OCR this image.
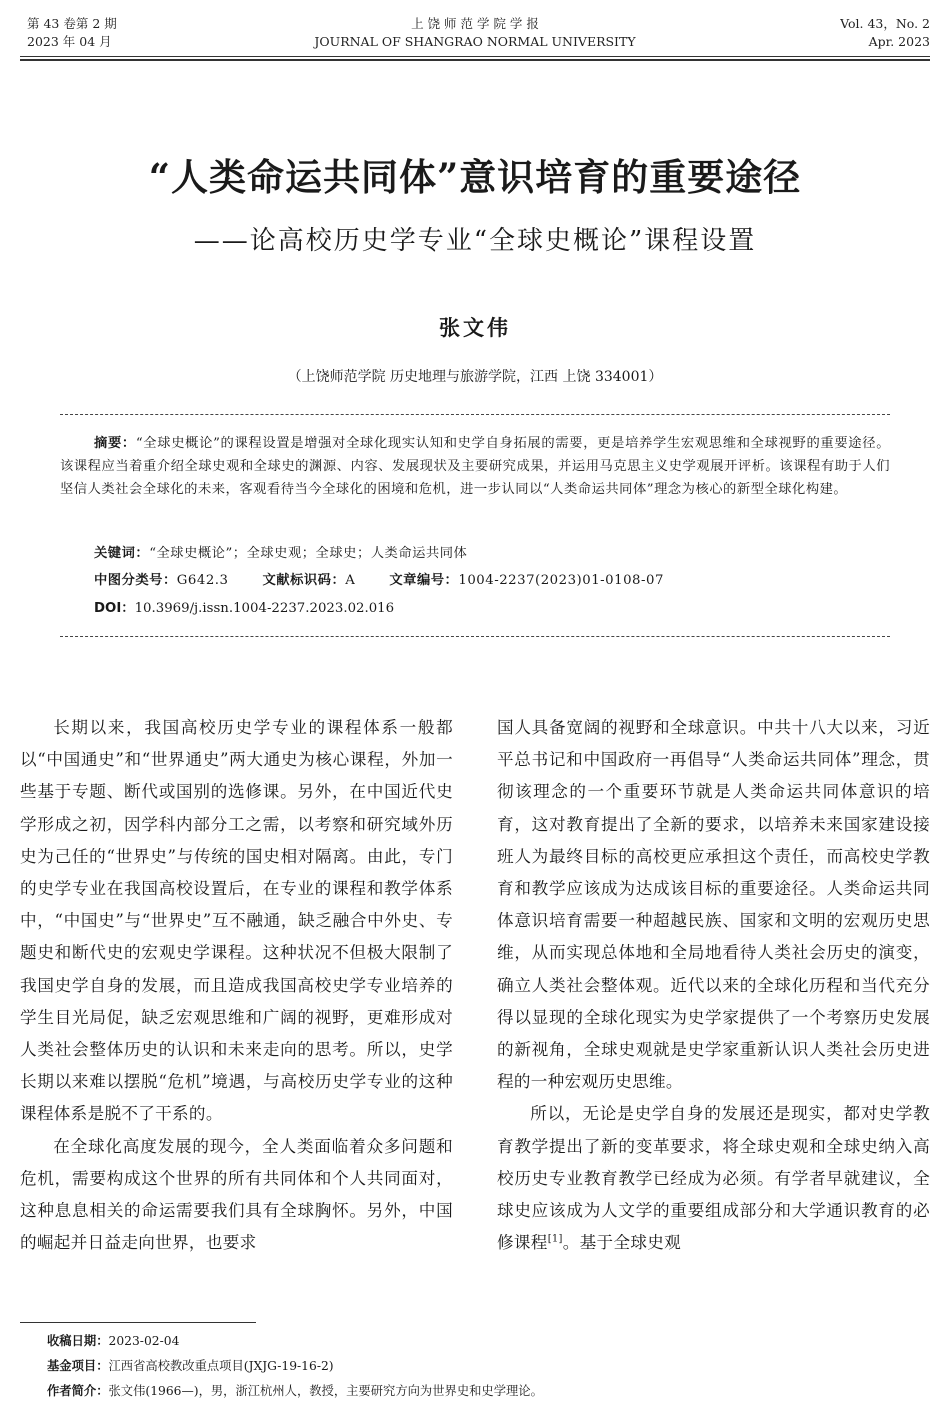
第 43 卷第 2 期
2023 年 04 月
上 饶 师 范 学 院 学 报
JOURNAL OF SHANGRAO NORMAL UNIVERSITY
Vol. 43，No. 2
Apr. 2023
“人类命运共同体”意识培育的重要途径
——论高校历史学专业“全球史概论”课程设置
张文伟
（上饶师范学院 历史地理与旅游学院，江西 上饶 334001）
摘要：“全球史概论”的课程设置是增强对全球化现实认知和史学自身拓展的需要，更是培养学生宏观思维和全球视野的重要途径。该课程应当着重介绍全球史观和全球史的渊源、内容、发展现状及主要研究成果，并运用马克思主义史学观展开评析。该课程有助于人们坚信人类社会全球化的未来，客观看待当今全球化的困境和危机，进一步认同以“人类命运共同体”理念为核心的新型全球化构建。
关键词：“全球史概论”；全球史观；全球史；人类命运共同体
中图分类号：G642.3	文献标识码：A	文章编号：1004-2237(2023)01-0108-07
DOI：10.3969/j.issn.1004-2237.2023.02.016

长期以来，我国高校历史学专业的课程体系一般都以“中国通史”和“世界通史”两大通史为核心课程，外加一些基于专题、断代或国别的选修课。另外，在中国近代史学形成之初，因学科内部分工之需，以考察和研究域外历史为己任的“世界史”与传统的国史相对隔离。由此，专门的史学专业在我国高校设置后，在专业的课程和教学体系中，“中国史”与“世界史”互不融通，缺乏融合中外史、专题史和断代史的宏观史学课程。这种状况不但极大限制了我国史学自身的发展，而且造成我国高校史学专业培养的学生目光局促，缺乏宏观思维和广阔的视野，更难形成对人类社会整体历史的认识和未来走向的思考。所以，史学长期以来难以摆脱“危机”境遇，与高校历史学专业的这种课程体系是脱不了干系的。

在全球化高度发展的现今，全人类面临着众多问题和危机，需要构成这个世界的所有共同体和个人共同面对，这种息息相关的命运需要我们具有全球胸怀。另外，中国的崛起并日益走向世界，也要求

国人具备宽阔的视野和全球意识。中共十八大以来，习近平总书记和中国政府一再倡导“人类命运共同体”理念，贯彻该理念的一个重要环节就是人类命运共同体意识的培育，这对教育提出了全新的要求，以培养未来国家建设接班人为最终目标的高校更应承担这个责任，而高校史学教育和教学应该成为达成该目标的重要途径。人类命运共同体意识培育需要一种超越民族、国家和文明的宏观历史思维，从而实现总体地和全局地看待人类社会历史的演变，确立人类社会整体观。近代以来的全球化历程和当代充分得以显现的全球化现实为史学家提供了一个考察历史发展的新视角，全球史观就是史学家重新认识人类社会历史进程的一种宏观历史思维。

所以，无论是史学自身的发展还是现实，都对史学教育教学提出了新的变革要求，将全球史观和全球史纳入高校历史专业教育教学已经成为必须。有学者早就建议，全球史应该成为人文学的重要组成部分和大学通识教育的必修课程[1]。基于全球史观

收稿日期：2023-02-04
基金项目：江西省高校教改重点项目(JXJG-19-16-2)
作者简介：张文伟(1966—)，男，浙江杭州人，教授，主要研究方向为世界史和史学理论。
